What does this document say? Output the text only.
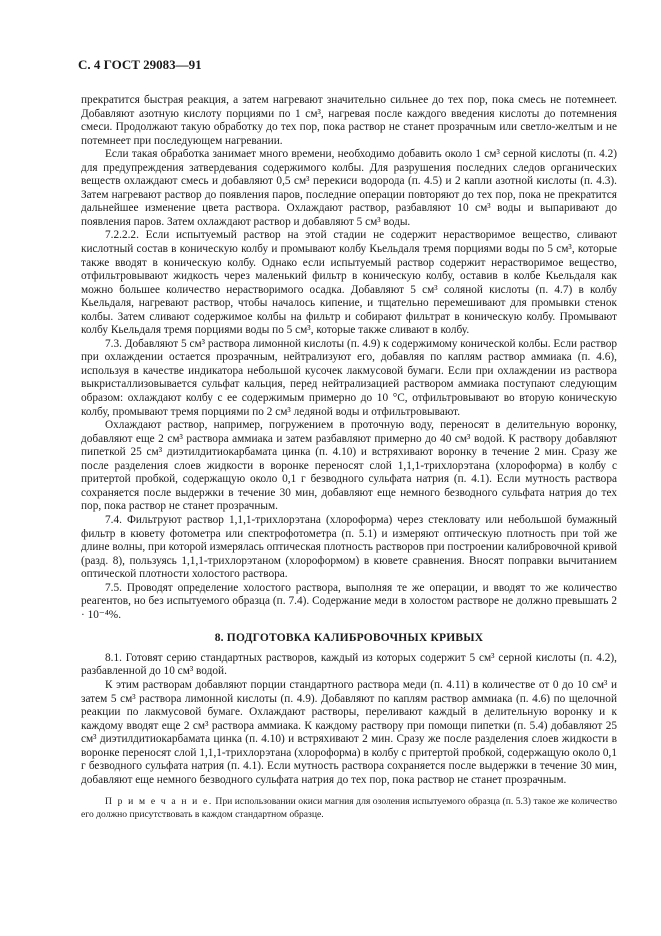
С. 4 ГОСТ 29083—91

прекратится быстрая реакция, а затем нагревают значительно сильнее до тех пор, пока смесь не потемнеет. Добавляют азотную кислоту порциями по 1 см³, нагревая после каждого введения кислоты до потемнения смеси. Продолжают такую обработку до тех пор, пока раствор не станет прозрачным или светло-желтым и не потемнеет при последующем нагревании.

Если такая обработка занимает много времени, необходимо добавить около 1 см³ серной кислоты (п. 4.2) для предупреждения затвердевания содержимого колбы. Для разрушения последних следов органических веществ охлаждают смесь и добавляют 0,5 см³ перекиси водорода (п. 4.5) и 2 капли азотной кислоты (п. 4.3). Затем нагревают раствор до появления паров, последние операции повторяют до тех пор, пока не прекратится дальнейшее изменение цвета раствора. Охлаждают раствор, разбавляют 10 см³ воды и выпаривают до появления паров. Затем охлаждают раствор и добавляют 5 см³ воды.

7.2.2.2. Если испытуемый раствор на этой стадии не содержит нерастворимое вещество, сливают кислотный состав в коническую колбу и промывают колбу Кьельдаля тремя порциями воды по 5 см³, которые также вводят в коническую колбу. Однако если испытуемый раствор содержит нерастворимое вещество, отфильтровывают жидкость через маленький фильтр в коническую колбу, оставив в колбе Кьельдаля как можно большее количество нерастворимого осадка. Добавляют 5 см³ соляной кислоты (п. 4.7) в колбу Кьельдаля, нагревают раствор, чтобы началось кипение, и тщательно перемешивают для промывки стенок колбы. Затем сливают содержимое колбы на фильтр и собирают фильтрат в коническую колбу. Промывают колбу Кьельдаля тремя порциями воды по 5 см³, которые также сливают в колбу.

7.3. Добавляют 5 см³ раствора лимонной кислоты (п. 4.9) к содержимому конической колбы. Если раствор при охлаждении остается прозрачным, нейтрализуют его, добавляя по каплям раствор аммиака (п. 4.6), используя в качестве индикатора небольшой кусочек лакмусовой бумаги. Если при охлаждении из раствора выкристаллизовывается сульфат кальция, перед нейтрализацией раствором аммиака поступают следующим образом: охлаждают колбу с ее содержимым примерно до 10 °С, отфильтровывают во вторую коническую колбу, промывают тремя порциями по 2 см³ ледяной воды и отфильтровывают.

Охлаждают раствор, например, погружением в проточную воду, переносят в делительную воронку, добавляют еще 2 см³ раствора аммиака и затем разбавляют примерно до 40 см³ водой. К раствору добавляют пипеткой 25 см³ диэтилдитиокарбамата цинка (п. 4.10) и встряхивают воронку в течение 2 мин. Сразу же после разделения слоев жидкости в воронке переносят слой 1,1,1-трихлорэтана (хлороформа) в колбу с притертой пробкой, содержащую около 0,1 г безводного сульфата натрия (п. 4.1). Если мутность раствора сохраняется после выдержки в течение 30 мин, добавляют еще немного безводного сульфата натрия до тех пор, пока раствор не станет прозрачным.

7.4. Фильтруют раствор 1,1,1-трихлорэтана (хлороформа) через стекловату или небольшой бумажный фильтр в кювету фотометра или спектрофотометра (п. 5.1) и измеряют оптическую плотность при той же длине волны, при которой измерялась оптическая плотность растворов при построении калибровочной кривой (разд. 8), пользуясь 1,1,1-трихлорэтаном (хлороформом) в кювете сравнения. Вносят поправки вычитанием оптической плотности холостого раствора.

7.5. Проводят определение холостого раствора, выполняя те же операции, и вводят то же количество реагентов, но без испытуемого образца (п. 7.4). Содержание меди в холостом растворе не должно превышать 2 · 10⁻⁴%.

8. ПОДГОТОВКА КАЛИБРОВОЧНЫХ КРИВЫХ

8.1. Готовят серию стандартных растворов, каждый из которых содержит 5 см³ серной кислоты (п. 4.2), разбавленной до 10 см³ водой.

К этим растворам добавляют порции стандартного раствора меди (п. 4.11) в количестве от 0 до 10 см³ и затем 5 см³ раствора лимонной кислоты (п. 4.9). Добавляют по каплям раствор аммиака (п. 4.6) по щелочной реакции по лакмусовой бумаге. Охлаждают растворы, переливают каждый в делительную воронку и к каждому вводят еще 2 см³ раствора аммиака. К каждому раствору при помощи пипетки (п. 5.4) добавляют 25 см³ диэтилдитиокарбамата цинка (п. 4.10) и встряхивают 2 мин. Сразу же после разделения слоев жидкости в воронке переносят слой 1,1,1-трихлорэтана (хлороформа) в колбу с притертой пробкой, содержащую около 0,1 г безводного сульфата натрия (п. 4.1). Если мутность раствора сохраняется после выдержки в течение 30 мин, добавляют еще немного безводного сульфата натрия до тех пор, пока раствор не станет прозрачным.

П р и м е ч а н и е. При использовании окиси магния для озоления испытуемого образца (п. 5.3) такое же количество его должно присутствовать в каждом стандартном образце.
